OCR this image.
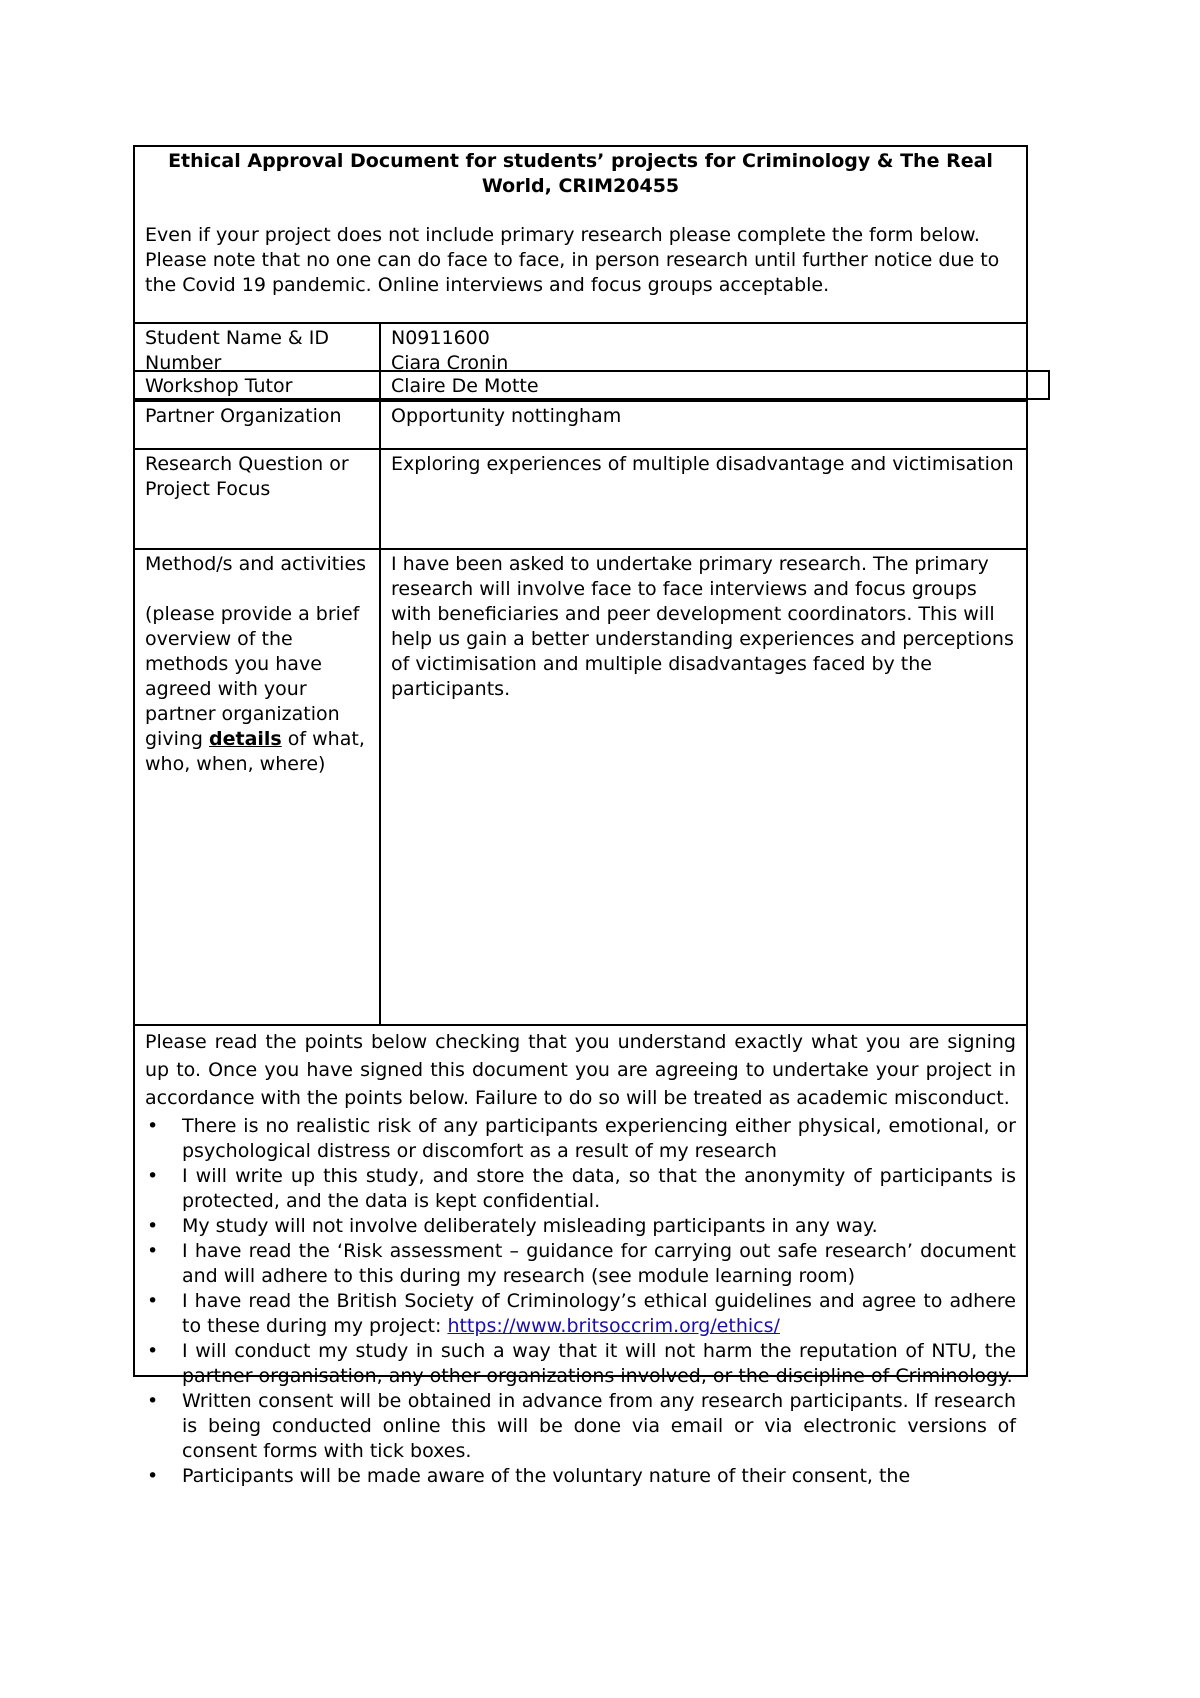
Ethical Approval Document for students’ projects for Criminology & The Real World, CRIM20455

Even if your project does not include primary research please complete the form below.

Please note that no one can do face to face, in person research until further notice due to the Covid 19 pandemic. Online interviews and focus groups acceptable.

Student Name & ID Number
N0911600
Ciara Cronin
Workshop Tutor	Claire De Motte
Partner Organization	Opportunity nottingham
Research Question or Project Focus
Exploring experiences of multiple disadvantage and victimisation
Method/s and activities
(please provide a brief overview of the methods you have agreed with your partner organization giving details of what, who, when, where)
I have been asked to undertake primary research. The primary research will involve face to face interviews and focus groups with beneficiaries and peer development coordinators. This will help us gain a better understanding experiences and perceptions of victimisation and multiple disadvantages faced by the participants.

Please read the points below checking that you understand exactly what you are signing up to. Once you have signed this document you are agreeing to undertake your project in accordance with the points below. Failure to do so will be treated as academic misconduct.

• There is no realistic risk of any participants experiencing either physical, emotional, or psychological distress or discomfort as a result of my research
• I will write up this study, and store the data, so that the anonymity of participants is protected, and the data is kept confidential.
• My study will not involve deliberately misleading participants in any way.
• I have read the ‘Risk assessment – guidance for carrying out safe research’ document and will adhere to this during my research (see module learning room)
• I have read the British Society of Criminology’s ethical guidelines and agree to adhere to these during my project: https://www.britsoccrim.org/ethics/
• I will conduct my study in such a way that it will not harm the reputation of NTU, the partner organisation, any other organizations involved, or the discipline of Criminology.
• Written consent will be obtained in advance from any research participants. If research is being conducted online this will be done via email or via electronic versions of consent forms with tick boxes.
• Participants will be made aware of the voluntary nature of their consent, the
